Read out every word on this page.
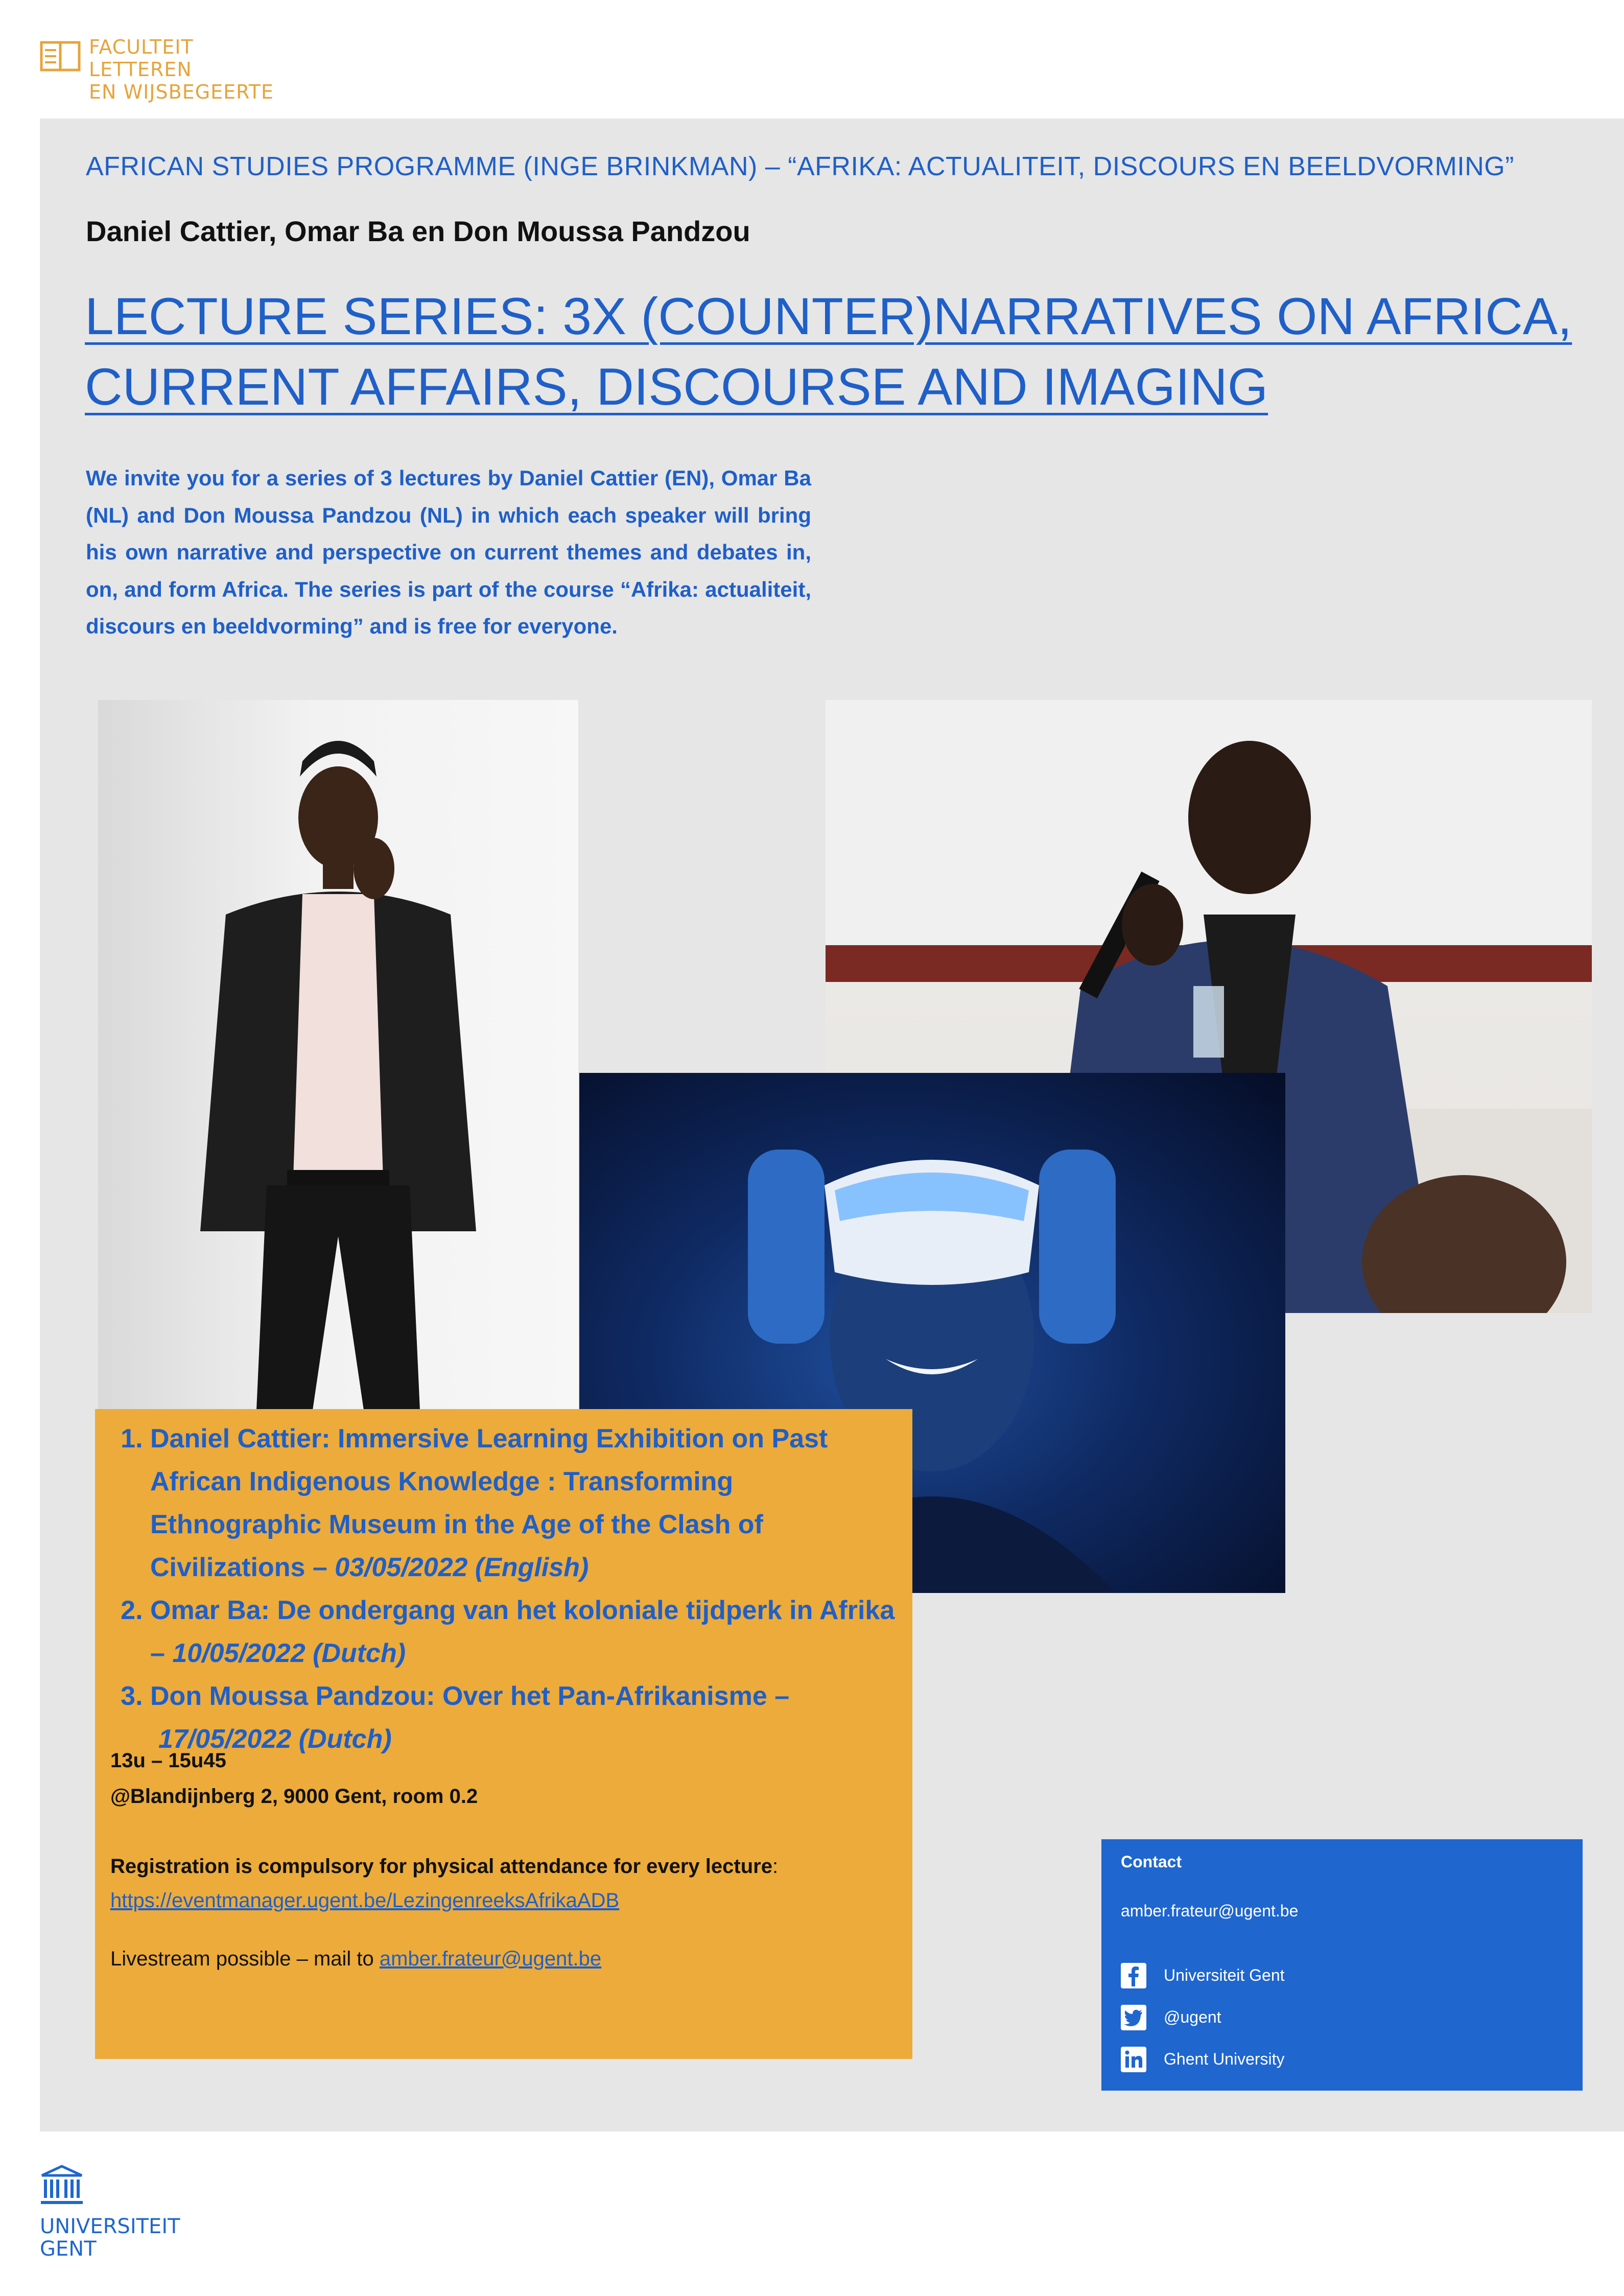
FACULTEIT LETTEREN
EN WIJSBEGEERTE
AFRICAN STUDIES PROGRAMME (INGE BRINKMAN) – “AFRIKA: ACTUALITEIT, DISCOURS EN BEELDVORMING”
Daniel Cattier, Omar Ba en Don Moussa Pandzou
LECTURE SERIES: 3X (COUNTER)NARRATIVES ON AFRICA, CURRENT AFFAIRS, DISCOURSE AND IMAGING
We invite you for a series of 3 lectures by Daniel Cattier (EN), Omar Ba (NL) and Don Moussa Pandzou (NL) in which each speaker will bring his own narrative and perspective on current themes and debates in, on, and form Africa. The series is part of the course “Afrika: actualiteit, discours en beeldvorming” and is free for everyone.
1. Daniel Cattier: Immersive Learning Exhibition on Past African Indigenous Knowledge : Transforming Ethnographic Museum in the Age of the Clash of Civilizations – 03/05/2022 (English)
2. Omar Ba: De ondergang van het koloniale tijdperk in Afrika – 10/05/2022 (Dutch)
3. Don Moussa Pandzou: Over het Pan-Afrikanisme –
17/05/2022 (Dutch)
13u – 15u45
@Blandijnberg 2, 9000 Gent, room 0.2
Registration is compulsory for physical attendance for every lecture:
https://eventmanager.ugent.be/LezingenreeksAfrikaADB
Livestream possible – mail to amber.frateur@ugent.be
Contact
amber.frateur@ugent.be
Universiteit Gent
@ugent
Ghent University
UNIVERSITEIT
GENT
